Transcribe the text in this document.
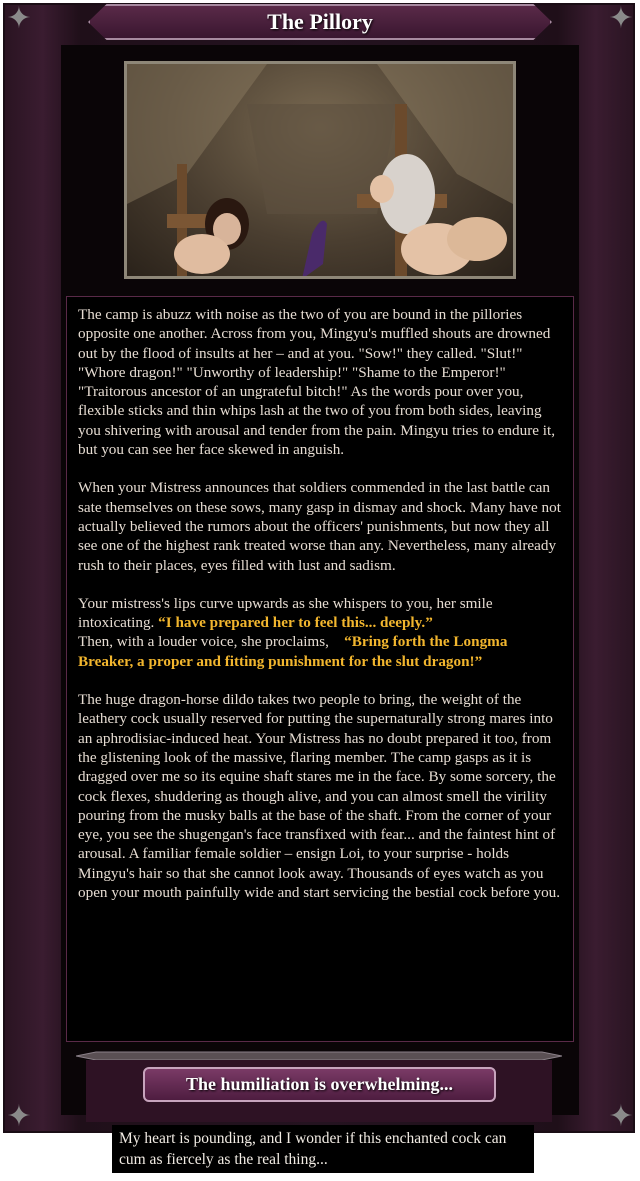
✦	✦
✦	✦
The Pillory

The camp is abuzz with noise as the two of you are bound in the pillories opposite one another. Across from you, Mingyu's muffled shouts are drowned out by the flood of insults at her – and at you. "Sow!" they called. "Slut!" "Whore dragon!" "Unworthy of leadership!" "Shame to the Emperor!" "Traitorous ancestor of an ungrateful bitch!" As the words pour over you, flexible sticks and thin whips lash at the two of you from both sides, leaving you shivering with arousal and tender from the pain. Mingyu tries to endure it, but you can see her face skewed in anguish.

When your Mistress announces that soldiers commended in the last battle can sate themselves on these sows, many gasp in dismay and shock. Many have not actually believed the rumors about the officers' punishments, but now they all see one of the highest rank treated worse than any. Nevertheless, many already rush to their places, eyes filled with lust and sadism.

Your mistress's lips curve upwards as she whispers to you, her smile intoxicating. “I have prepared her to feel this... deeply.”
Then, with a louder voice, she proclaims, “Bring forth the Longma Breaker, a proper and fitting punishment for the slut dragon!”

The huge dragon-horse dildo takes two people to bring, the weight of the leathery cock usually reserved for putting the supernaturally strong mares into an aphrodisiac-induced heat. Your Mistress has no doubt prepared it too, from the glistening look of the massive, flaring member. The camp gasps as it is dragged over me so its equine shaft stares me in the face. By some sorcery, the cock flexes, shuddering as though alive, and you can almost smell the virility pouring from the musky balls at the base of the shaft. From the corner of your eye, you see the shugengan's face transfixed with fear... and the faintest hint of arousal. A familiar female soldier – ensign Loi, to your surprise - holds Mingyu's hair so that she cannot look away. Thousands of eyes watch as you open your mouth painfully wide and start servicing the bestial cock before you.

The humiliation is overwhelming...
My heart is pounding, and I wonder if this enchanted cock can cum as fiercely as the real thing...
